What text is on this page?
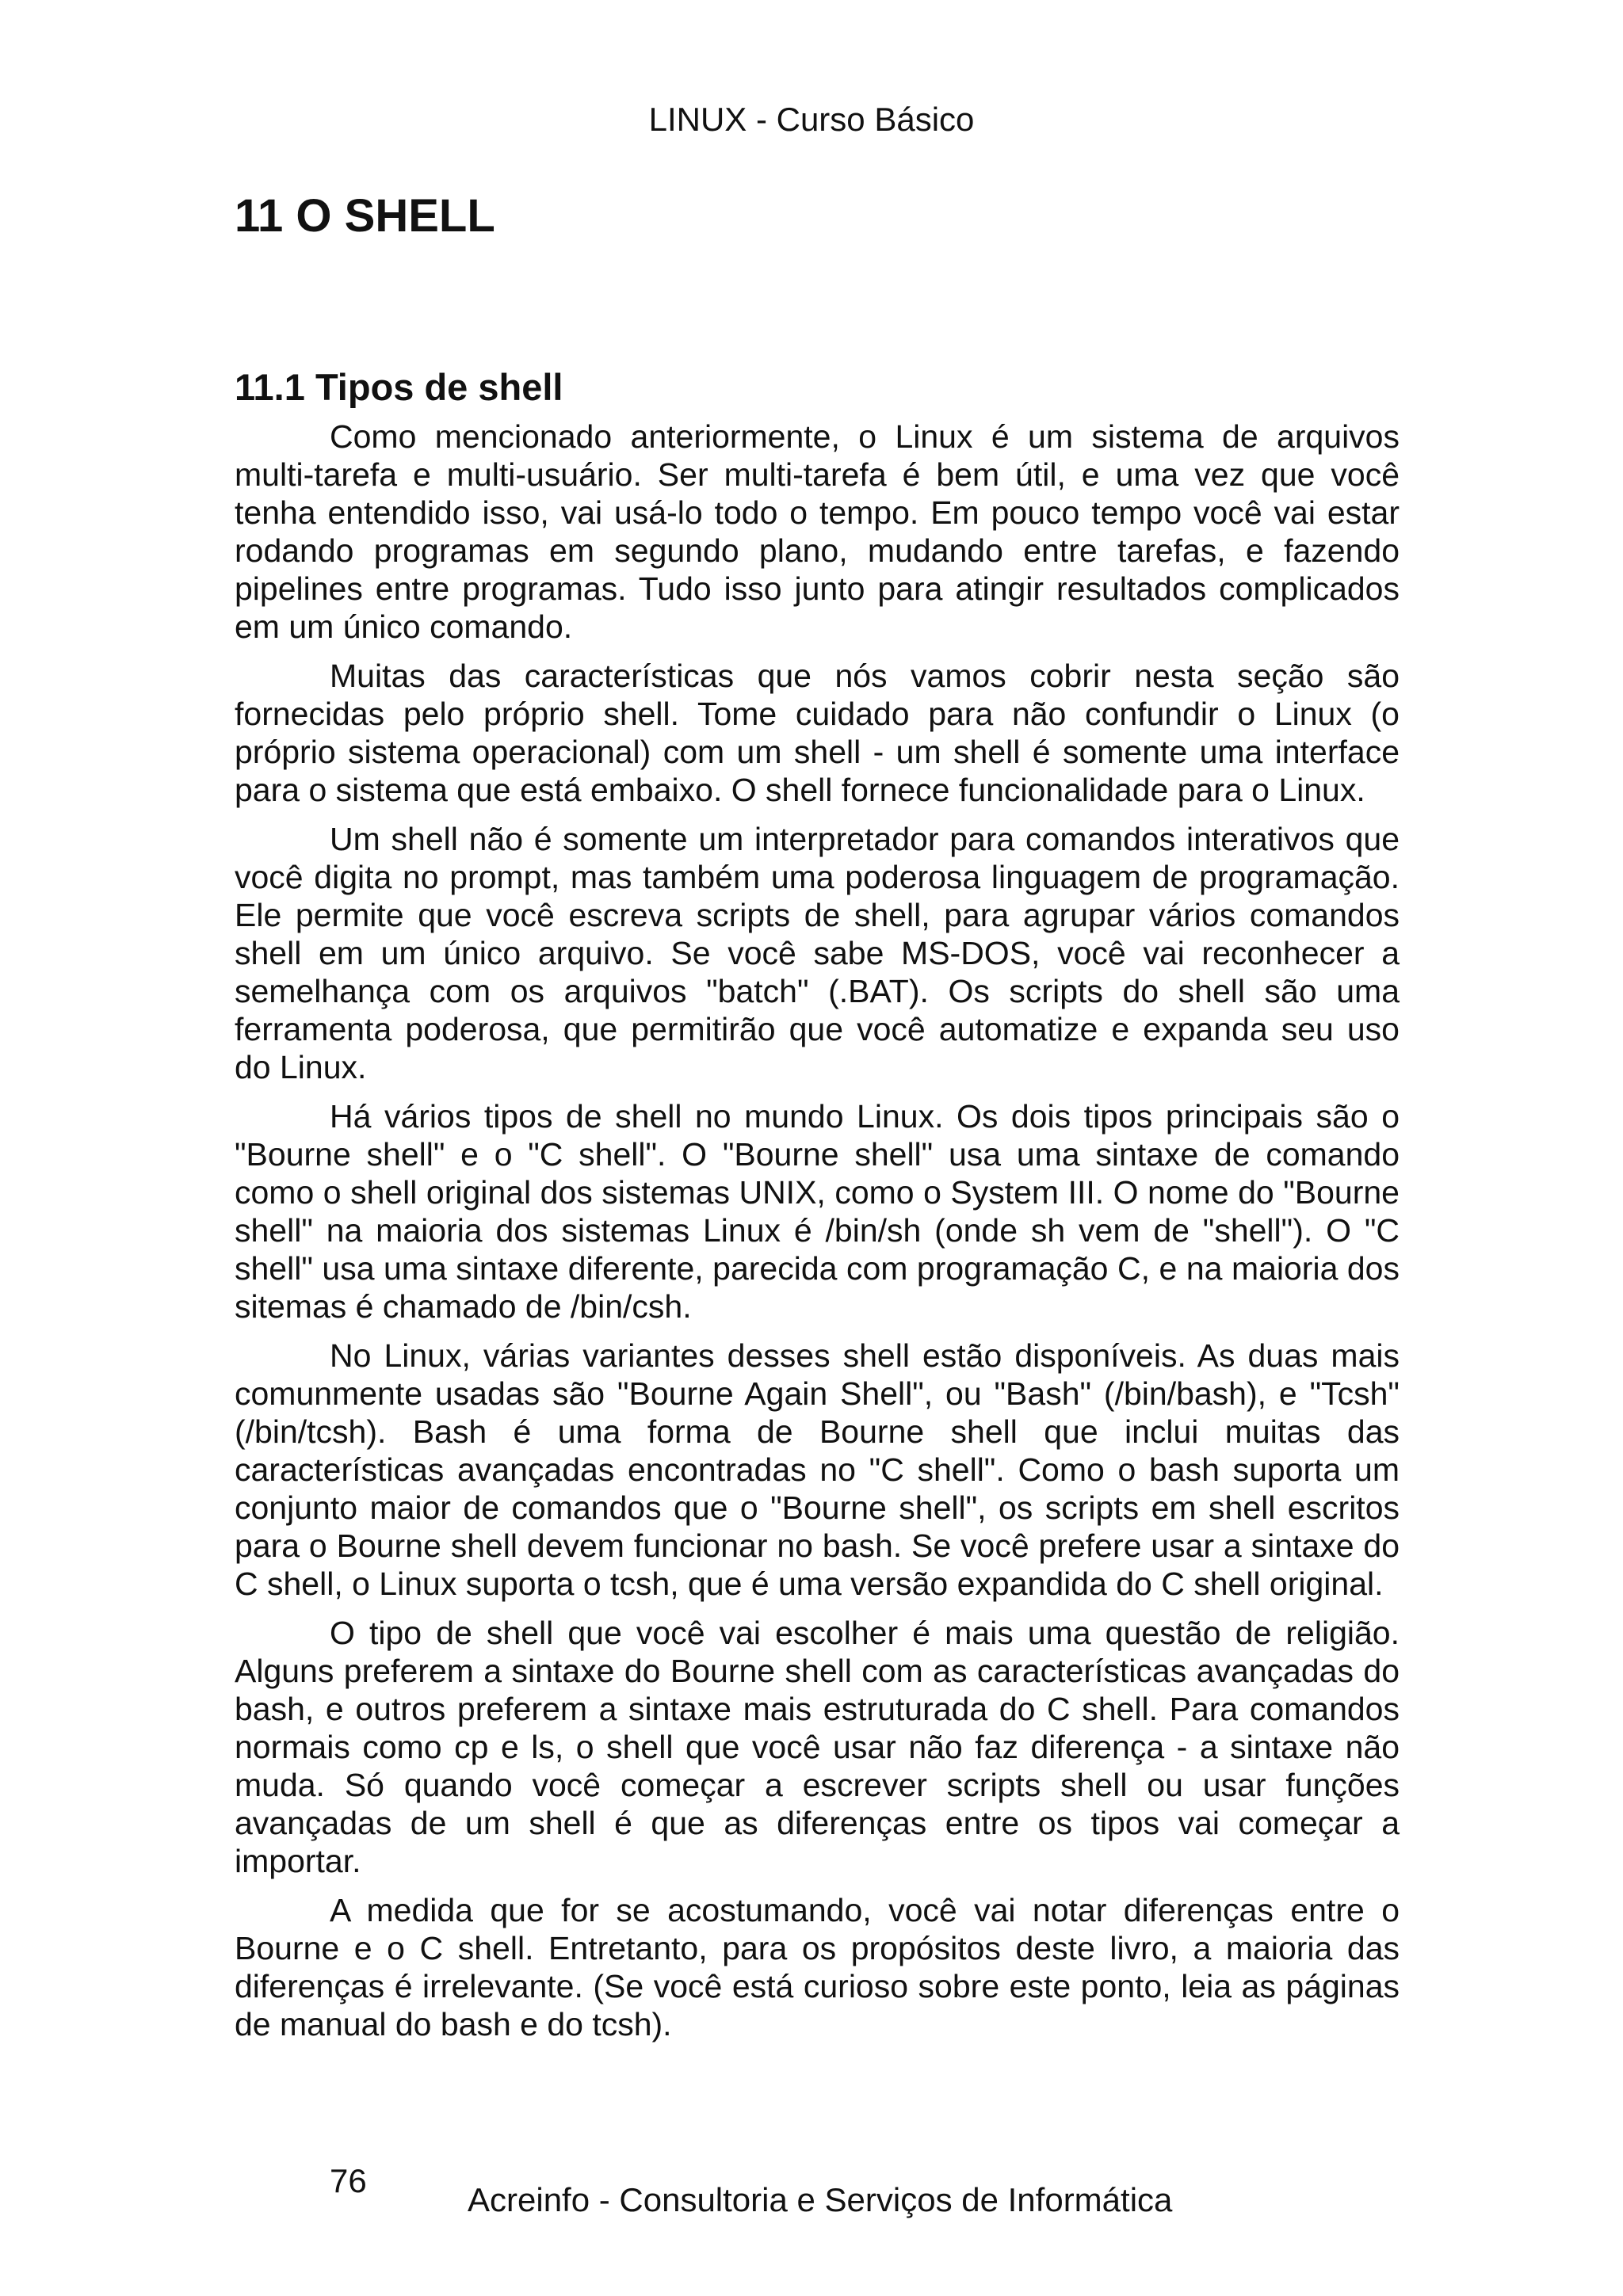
LINUX - Curso Básico
11 O SHELL
11.1 Tipos de shell

Como mencionado anteriormente, o Linux é um sistema de arquivos multi-tarefa e multi-usuário. Ser multi-tarefa é bem útil, e uma vez que você tenha entendido isso, vai usá-lo todo o tempo. Em pouco tempo você vai estar rodando programas em segundo plano, mudando entre tarefas, e fazendo pipelines entre programas. Tudo isso junto para atingir resultados complicados em um único comando.

Muitas das características que nós vamos cobrir nesta seção são fornecidas pelo próprio shell. Tome cuidado para não confundir o Linux (o próprio sistema operacional) com um shell - um shell é somente uma interface para o sistema que está embaixo. O shell fornece funcionalidade para o Linux.

Um shell não é somente um interpretador para comandos interativos que você digita no prompt, mas também uma poderosa linguagem de programação. Ele permite que você escreva scripts de shell, para agrupar vários comandos shell em um único arquivo. Se você sabe MS-DOS, você vai reconhecer a semelhança com os arquivos "batch" (.BAT). Os scripts do shell são uma ferramenta poderosa, que permitirão que você automatize e expanda seu uso do Linux.

Há vários tipos de shell no mundo Linux. Os dois tipos principais são o "Bourne shell" e o "C shell". O "Bourne shell" usa uma sintaxe de comando como o shell original dos sistemas UNIX, como o System III. O nome do "Bourne shell" na maioria dos sistemas Linux é /bin/sh (onde sh vem de "shell"). O "C shell" usa uma sintaxe diferente, parecida com programação C, e na maioria dos sitemas é chamado de /bin/csh.

No Linux, várias variantes desses shell estão disponíveis. As duas mais comunmente usadas são "Bourne Again Shell", ou "Bash" (/bin/bash), e "Tcsh" (/bin/tcsh). Bash é uma forma de Bourne shell que inclui muitas das características avançadas encontradas no "C shell". Como o bash suporta um conjunto maior de comandos que o "Bourne shell", os scripts em shell escritos para o Bourne shell devem funcionar no bash. Se você prefere usar a sintaxe do C shell, o Linux suporta o tcsh, que é uma versão expandida do C shell original.

O tipo de shell que você vai escolher é mais uma questão de religião. Alguns preferem a sintaxe do Bourne shell com as características avançadas do bash, e outros preferem a sintaxe mais estruturada do C shell. Para comandos normais como cp e ls, o shell que você usar não faz diferença - a sintaxe não muda. Só quando você começar a escrever scripts shell ou usar funções avançadas de um shell é que as diferenças entre os tipos vai começar a importar.

A medida que for se acostumando, você vai notar diferenças entre o Bourne e o C shell. Entretanto, para os propósitos deste livro, a maioria das diferenças é irrelevante. (Se você está curioso sobre este ponto, leia as páginas de manual do bash e do tcsh).

76
Acreinfo - Consultoria e Serviços de Informática
